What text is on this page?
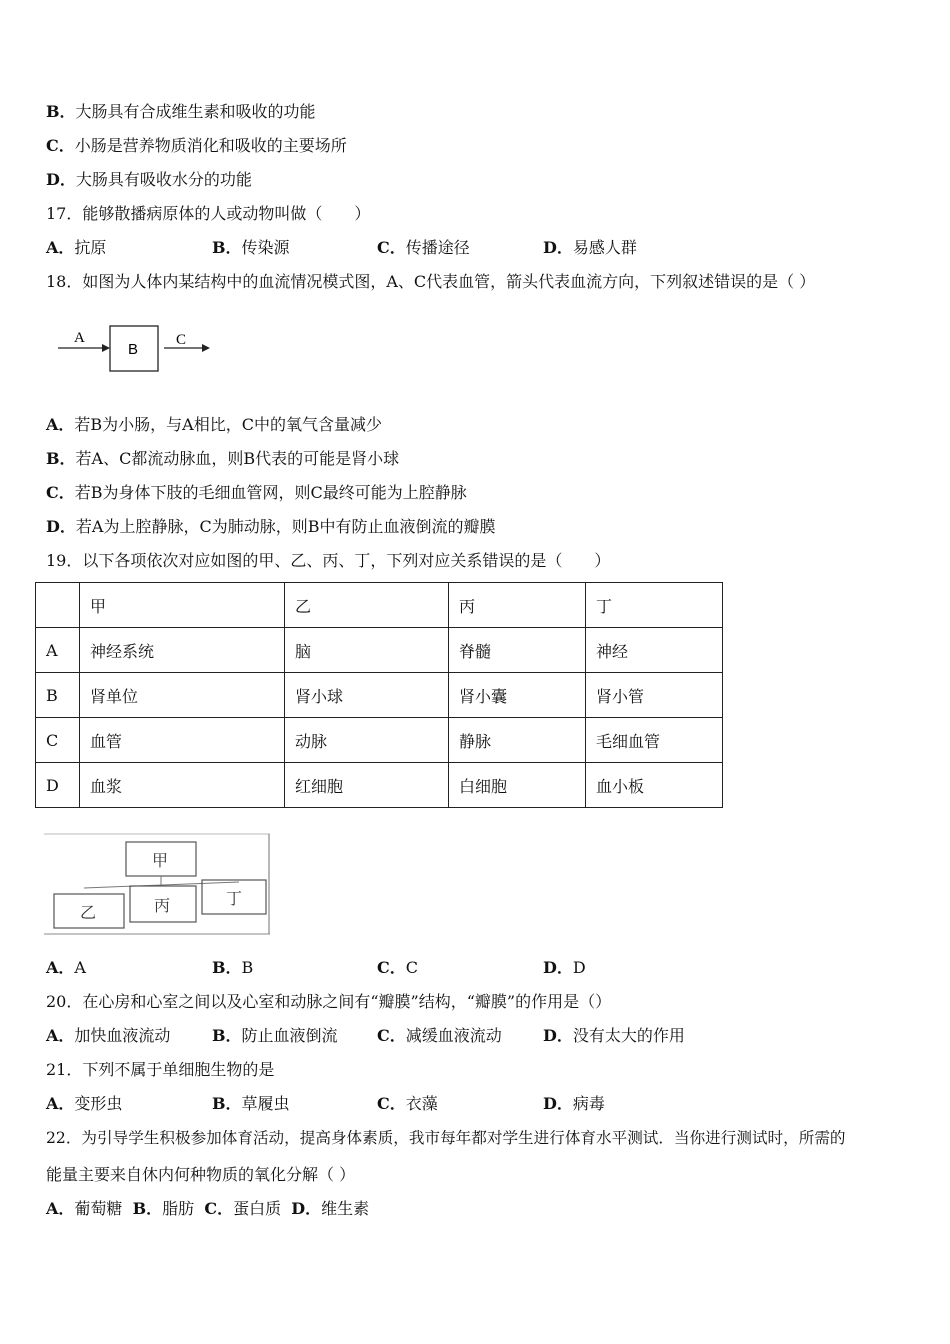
B．大肠具有合成维生素和吸收的功能
C．小肠是营养物质消化和吸收的主要场所
D．大肠具有吸收水分的功能
17．能够散播病原体的人或动物叫做（　　）
A．抗原	B．传染源	C．传播途径	D．易感人群
18．如图为人体内某结构中的血流情况模式图，A、C代表血管，箭头代表血流方向，下列叙述错误的是（ ）
A
B
C
A．若B为小肠，与A相比，C中的氧气含量减少
B．若A、C都流动脉血，则B代表的可能是肾小球
C．若B为身体下肢的毛细血管网，则C最终可能为上腔静脉
D．若A为上腔静脉，C为肺动脉，则B中有防止血液倒流的瓣膜
19．以下各项依次对应如图的甲、乙、丙、丁，下列对应关系错误的是（　　）
	甲	乙	丙	丁
A	神经系统	脑	脊髓	神经
B	肾单位	肾小球	肾小囊	肾小管
C	血管	动脉	静脉	毛细血管
D	血浆	红细胞	白细胞	血小板
甲
乙	丙	丁
A．A	B．B	C．C	D．D
20．在心房和心室之间以及心室和动脉之间有“瓣膜”结构，“瓣膜”的作用是（）
A．加快血液流动	B．防止血液倒流 C．减缓血液流动	D．没有太大的作用
21．下列不属于单细胞生物的是
A．变形虫	B．草履虫	C．衣藻	D．病毒
22．为引导学生积极参加体育活动，提高身体素质，我市每年都对学生进行体育水平测试．当你进行测试时，所需的
能量主要来自休内何种物质的氧化分解（ ）
A．葡萄糖 B．脂肪 C．蛋白质 D．维生素
